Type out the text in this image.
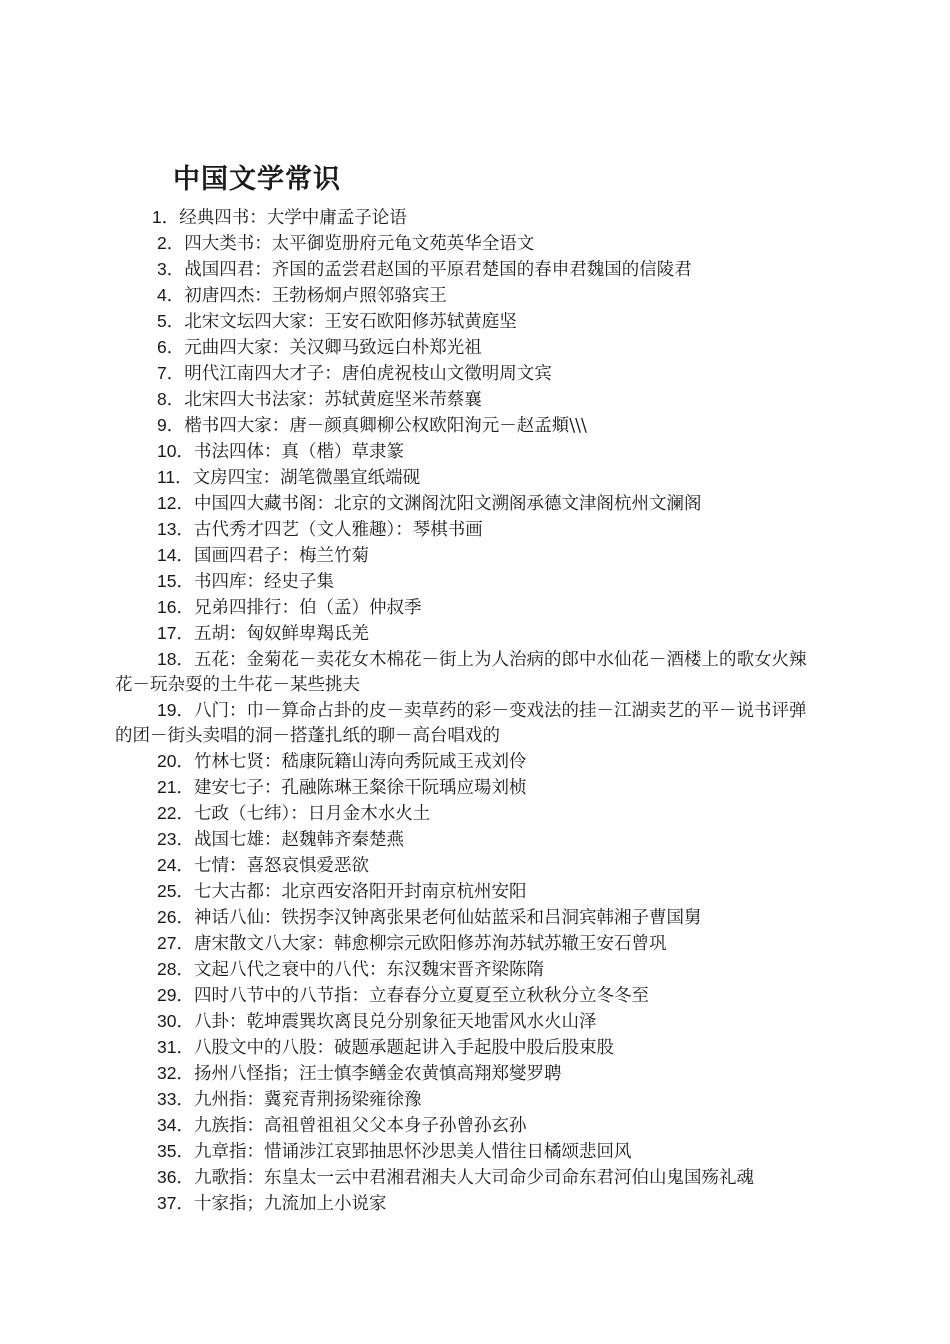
中国文学常识
1．经典四书：大学中庸孟子论语
2．四大类书：太平御览册府元龟文苑英华全语文
3．战国四君：齐国的孟尝君赵国的平原君楚国的春申君魏国的信陵君
4．初唐四杰：王勃杨炯卢照邻骆宾王
5．北宋文坛四大家：王安石欧阳修苏轼黄庭坚
6．元曲四大家：关汉卿马致远白朴郑光祖
7．明代江南四大才子：唐伯虎祝枝山文徵明周文宾
8．北宋四大书法家：苏轼黄庭坚米芾蔡襄
9．楷书四大家：唐－颜真卿柳公权欧阳洵元－赵孟頫\\\
10．书法四体：真（楷）草隶篆
11．文房四宝：湖笔微墨宣纸端砚
12．中国四大藏书阁：北京的文渊阁沈阳文溯阁承德文津阁杭州文澜阁
13．古代秀才四艺（文人雅趣）：琴棋书画
14．国画四君子：梅兰竹菊
15．书四库：经史子集
16．兄弟四排行：伯（孟）仲叔季
17．五胡：匈奴鲜卑羯氐羌
18．五花：金菊花－卖花女木棉花－街上为人治病的郎中水仙花－酒楼上的歌女火辣花－玩杂耍的土牛花－某些挑夫
19．八门：巾－算命占卦的皮－卖草药的彩－变戏法的挂－江湖卖艺的平－说书评弹的团－街头卖唱的洞－搭蓬扎纸的聊－高台唱戏的
20．竹林七贤：嵇康阮籍山涛向秀阮咸王戎刘伶
21．建安七子：孔融陈琳王粲徐干阮瑀应瑒刘桢
22．七政（七纬）：日月金木水火土
23．战国七雄：赵魏韩齐秦楚燕
24．七情：喜怒哀惧爱恶欲
25．七大古都：北京西安洛阳开封南京杭州安阳
26．神话八仙：铁拐李汉钟离张果老何仙姑蓝采和吕洞宾韩湘子曹国舅
27．唐宋散文八大家：韩愈柳宗元欧阳修苏洵苏轼苏辙王安石曾巩
28．文起八代之衰中的八代：东汉魏宋晋齐梁陈隋
29．四时八节中的八节指：立春春分立夏夏至立秋秋分立冬冬至
30．八卦：乾坤震巽坎离艮兑分别象征天地雷风水火山泽
31．八股文中的八股：破题承题起讲入手起股中股后股束股
32．扬州八怪指；汪士慎李鳝金农黄慎高翔郑燮罗聘
33．九州指：冀兖青荆扬梁雍徐豫
34．九族指：高祖曾祖祖父父本身子孙曾孙玄孙
35．九章指：惜诵涉江哀郢抽思怀沙思美人惜往日橘颂悲回风
36．九歌指：东皇太一云中君湘君湘夫人大司命少司命东君河伯山鬼国殇礼魂
37．十家指；九流加上小说家
